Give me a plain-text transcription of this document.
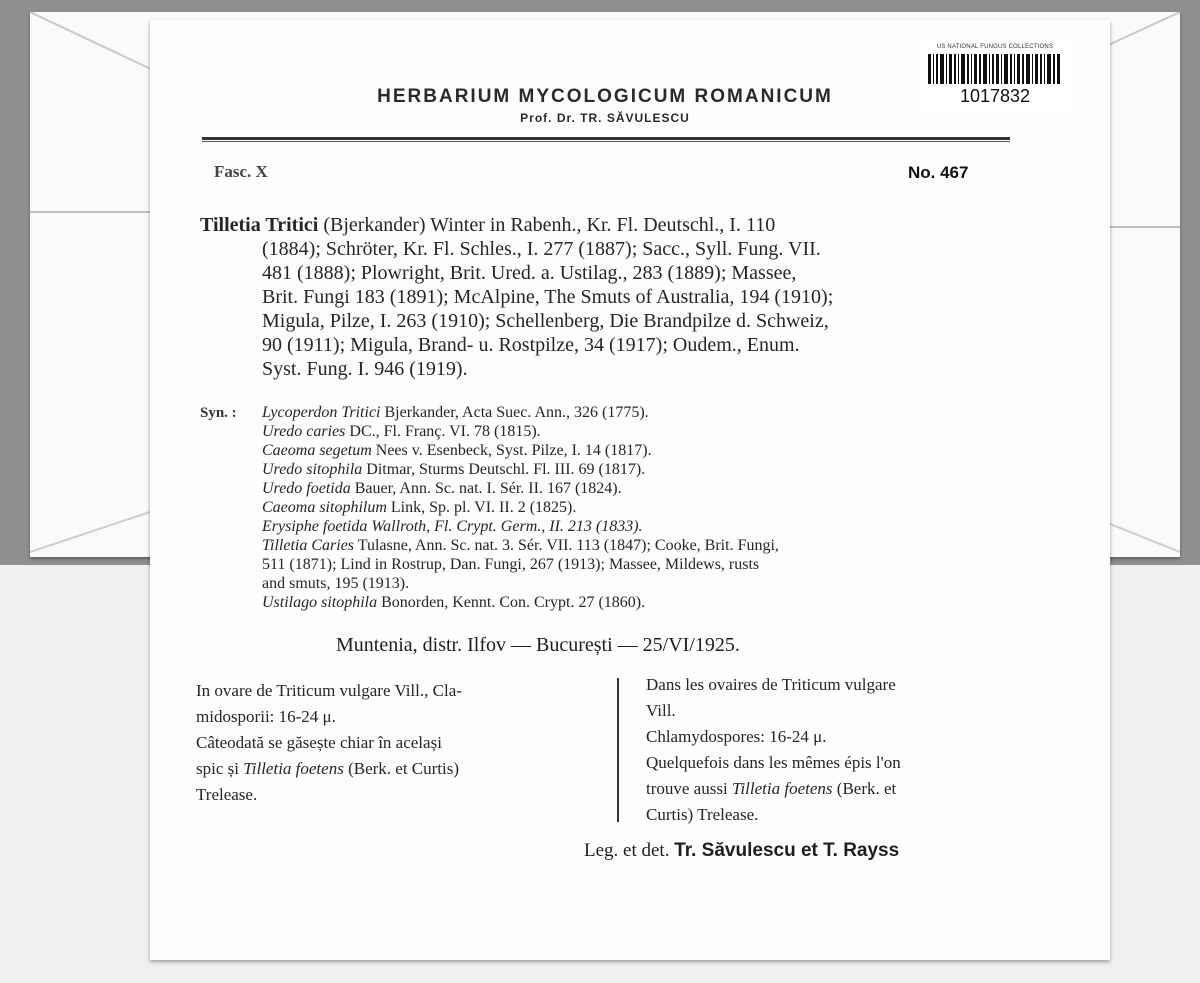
US NATIONAL FUNGUS COLLECTIONS
1017832
HERBARIUM MYCOLOGICUM ROMANICUM
Prof. Dr. TR. SĂVULESCU
Fasc. X	No. 467
Tilletia Tritici (Bjerkander) Winter in Rabenh., Kr. Fl. Deutschl., I. 110
(1884); Schröter, Kr. Fl. Schles., I. 277 (1887); Sacc., Syll. Fung. VII.
481 (1888); Plowright, Brit. Ured. a. Ustilag., 283 (1889); Massee,
Brit. Fungi 183 (1891); McAlpine, The Smuts of Australia, 194 (1910);
Migula, Pilze, I. 263 (1910); Schellenberg, Die Brandpilze d. Schweiz,
90 (1911); Migula, Brand- u. Rostpilze, 34 (1917); Oudem., Enum.
Syst. Fung. I. 946 (1919).
Syn. : Lycoperdon Tritici Bjerkander, Acta Suec. Ann., 326 (1775).
Uredo caries DC., Fl. Franç. VI. 78 (1815).
Caeoma segetum Nees v. Esenbeck, Syst. Pilze, I. 14 (1817).
Uredo sitophila Ditmar, Sturms Deutschl. Fl. III. 69 (1817).
Uredo foetida Bauer, Ann. Sc. nat. I. Sér. II. 167 (1824).
Caeoma sitophilum Link, Sp. pl. VI. II. 2 (1825).
Erysiphe foetida Wallroth, Fl. Crypt. Germ., II. 213 (1833).
Tilletia Caries Tulasne, Ann. Sc. nat. 3. Sér. VII. 113 (1847); Cooke, Brit. Fungi,
511 (1871); Lind in Rostrup, Dan. Fungi, 267 (1913); Massee, Mildews, rusts
and smuts, 195 (1913).
Ustilago sitophila Bonorden, Kennt. Con. Crypt. 27 (1860).
Muntenia, distr. Ilfov — București — 25/VI/1925.
In ovare de Triticum vulgare Vill., Cla-
midosporii: 16-24 μ.
Câteodată se găsește chiar în același
spic și Tilletia foetens (Berk. et Curtis)
Trelease.
Dans les ovaires de Triticum vulgare
Vill.
Chlamydospores: 16-24 μ.
Quelquefois dans les mêmes épis l'on
trouve aussi Tilletia foetens (Berk. et
Curtis) Trelease.
Leg. et det. Tr. Săvulescu et T. Rayss
